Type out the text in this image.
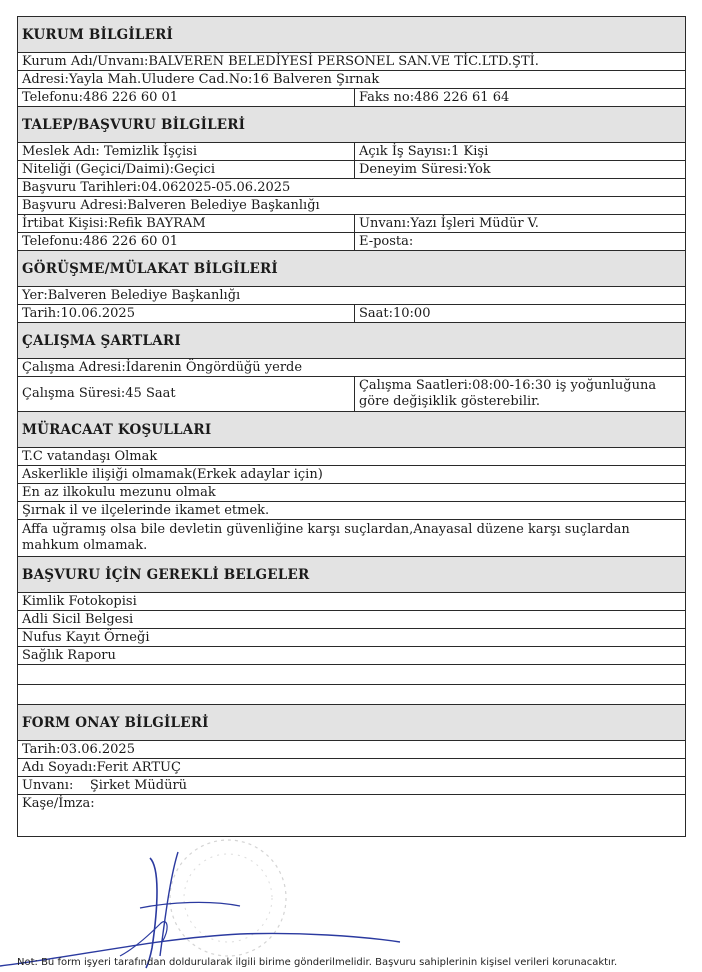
KURUM BİLGİLERİ	
Kurum Adı/Unvanı:BALVEREN BELEDİYESİ PERSONEL SAN.VE TİC.LTD.ŞTİ.	
Adresi:Yayla Mah.Uludere Cad.No:16 Balveren Şırnak	
Telefonu:486 226 60 01	Faks no:486 226 61 64
TALEP/BAŞVURU BİLGİLERİ	
Meslek Adı: Temizlik İşçisi	Açık İş Sayısı:1 Kişi
Niteliği (Geçici/Daimi):Geçici	Deneyim Süresi:Yok
Başvuru Tarihleri:04.062025-05.06.2025	
Başvuru Adresi:Balveren Belediye Başkanlığı	
İrtibat Kişisi:Refik BAYRAM	Unvanı:Yazı İşleri Müdür V.
Telefonu:486 226 60 01	E-posta:
GÖRÜŞME/MÜLAKAT BİLGİLERİ	
Yer:Balveren Belediye Başkanlığı	
Tarih:10.06.2025	Saat:10:00
ÇALIŞMA ŞARTLARI	
Çalışma Adresi:İdarenin Öngördüğü yerde	
Çalışma Süresi:45 Saat	Çalışma Saatleri:08:00-16:30 iş yoğunluğuna göre değişiklik gösterebilir.
MÜRACAAT KOŞULLARI	
T.C vatandaşı Olmak	
Askerlikle ilişiği olmamak(Erkek adaylar için)	
En az ilkokulu mezunu olmak	
Şırnak il ve ilçelerinde ikamet etmek.	
Affa uğramış olsa bile devletin güvenliğine karşı suçlardan,Anayasal düzene karşı suçlardan mahkum olmamak.	
BAŞVURU İÇİN GEREKLİ BELGELER	
Kimlik Fotokopisi	
Adli Sicil Belgesi	
Nufus Kayıt Örneği	
Sağlık Raporu	

FORM ONAY BİLGİLERİ	
Tarih:03.06.2025	
Adı Soyadı:Ferit ARTUÇ	
Unvanı:    Şirket Müdürü	
Kaşe/İmza:	
Not: Bu form işyeri tarafından doldurularak ilgili birime gönderilmelidir. Başvuru sahiplerinin kişisel verileri korunacaktır.
